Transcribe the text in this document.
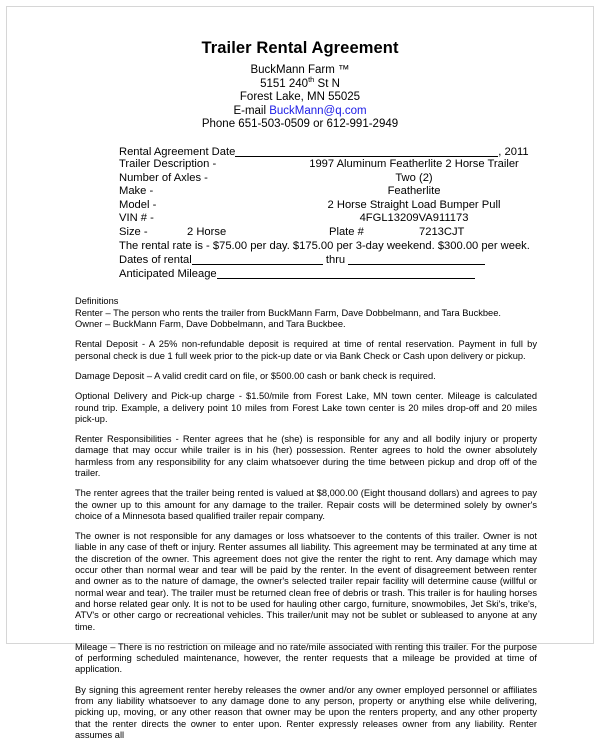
Trailer Rental Agreement
BuckMann Farm ™
5151 240th St N
Forest Lake, MN 55025
E-mail BuckMann@q.com
Phone 651-503-0509 or 612-991-2949
Rental Agreement Date	, 2011
Trailer Description -	1997 Aluminum Featherlite 2 Horse Trailer
Number of Axles -	Two (2)
Make -	Featherlite
Model -	2 Horse Straight Load Bumper Pull
VIN # -	4FGL13209VA911173
Size -	2 Horse	Plate #	7213CJT
The rental rate is - $75.00 per day. $175.00 per 3-day weekend. $300.00 per week.
Dates of rental	thru
Anticipated Mileage

Definitions

Renter – The person who rents the trailer from BuckMann Farm, Dave Dobbelmann, and Tara Buckbee.

Owner – BuckMann Farm, Dave Dobbelmann, and Tara Buckbee.

Rental Deposit - A 25% non-refundable deposit is required at time of rental reservation. Payment in full by personal check is due 1 full week prior to the pick-up date or via Bank Check or Cash upon delivery or pickup.

Damage Deposit – A valid credit card on file, or $500.00 cash or bank check is required.

Optional Delivery and Pick-up charge - $1.50/mile from Forest Lake, MN town center. Mileage is calculated round trip. Example, a delivery point 10 miles from Forest Lake town center is 20 miles drop-off and 20 miles pick-up.

Renter Responsibilities - Renter agrees that he (she) is responsible for any and all bodily injury or property damage that may occur while trailer is in his (her) possession. Renter agrees to hold the owner absolutely harmless from any responsibility for any claim whatsoever during the time between pickup and drop off of the trailer.

The renter agrees that the trailer being rented is valued at $8,000.00 (Eight thousand dollars) and agrees to pay the owner up to this amount for any damage to the trailer. Repair costs will be determined solely by owner's choice of a Minnesota based qualified trailer repair company.

The owner is not responsible for any damages or loss whatsoever to the contents of this trailer. Owner is not liable in any case of theft or injury. Renter assumes all liability. This agreement may be terminated at any time at the discretion of the owner. This agreement does not give the renter the right to rent. Any damage which may occur other than normal wear and tear will be paid by the renter. In the event of disagreement between renter and owner as to the nature of damage, the owner's selected trailer repair facility will determine cause (willful or normal wear and tear). The trailer must be returned clean free of debris or trash. This trailer is for hauling horses and horse related gear only. It is not to be used for hauling other cargo, furniture, snowmobiles, Jet Ski's, trike's, ATV's or other cargo or recreational vehicles. This trailer/unit may not be sublet or subleased to anyone at any time.

Mileage – There is no restriction on mileage and no rate/mile associated with renting this trailer. For the purpose of performing scheduled maintenance, however, the renter requests that a mileage be provided at time of application.

By signing this agreement renter hereby releases the owner and/or any owner employed personnel or affiliates from any liability whatsoever to any damage done to any person, property or anything else while delivering, picking up, moving, or any other reason that owner may be upon the renters property, and any other property that the renter directs the owner to enter upon. Renter expressly releases owner from any liability. Renter assumes all
